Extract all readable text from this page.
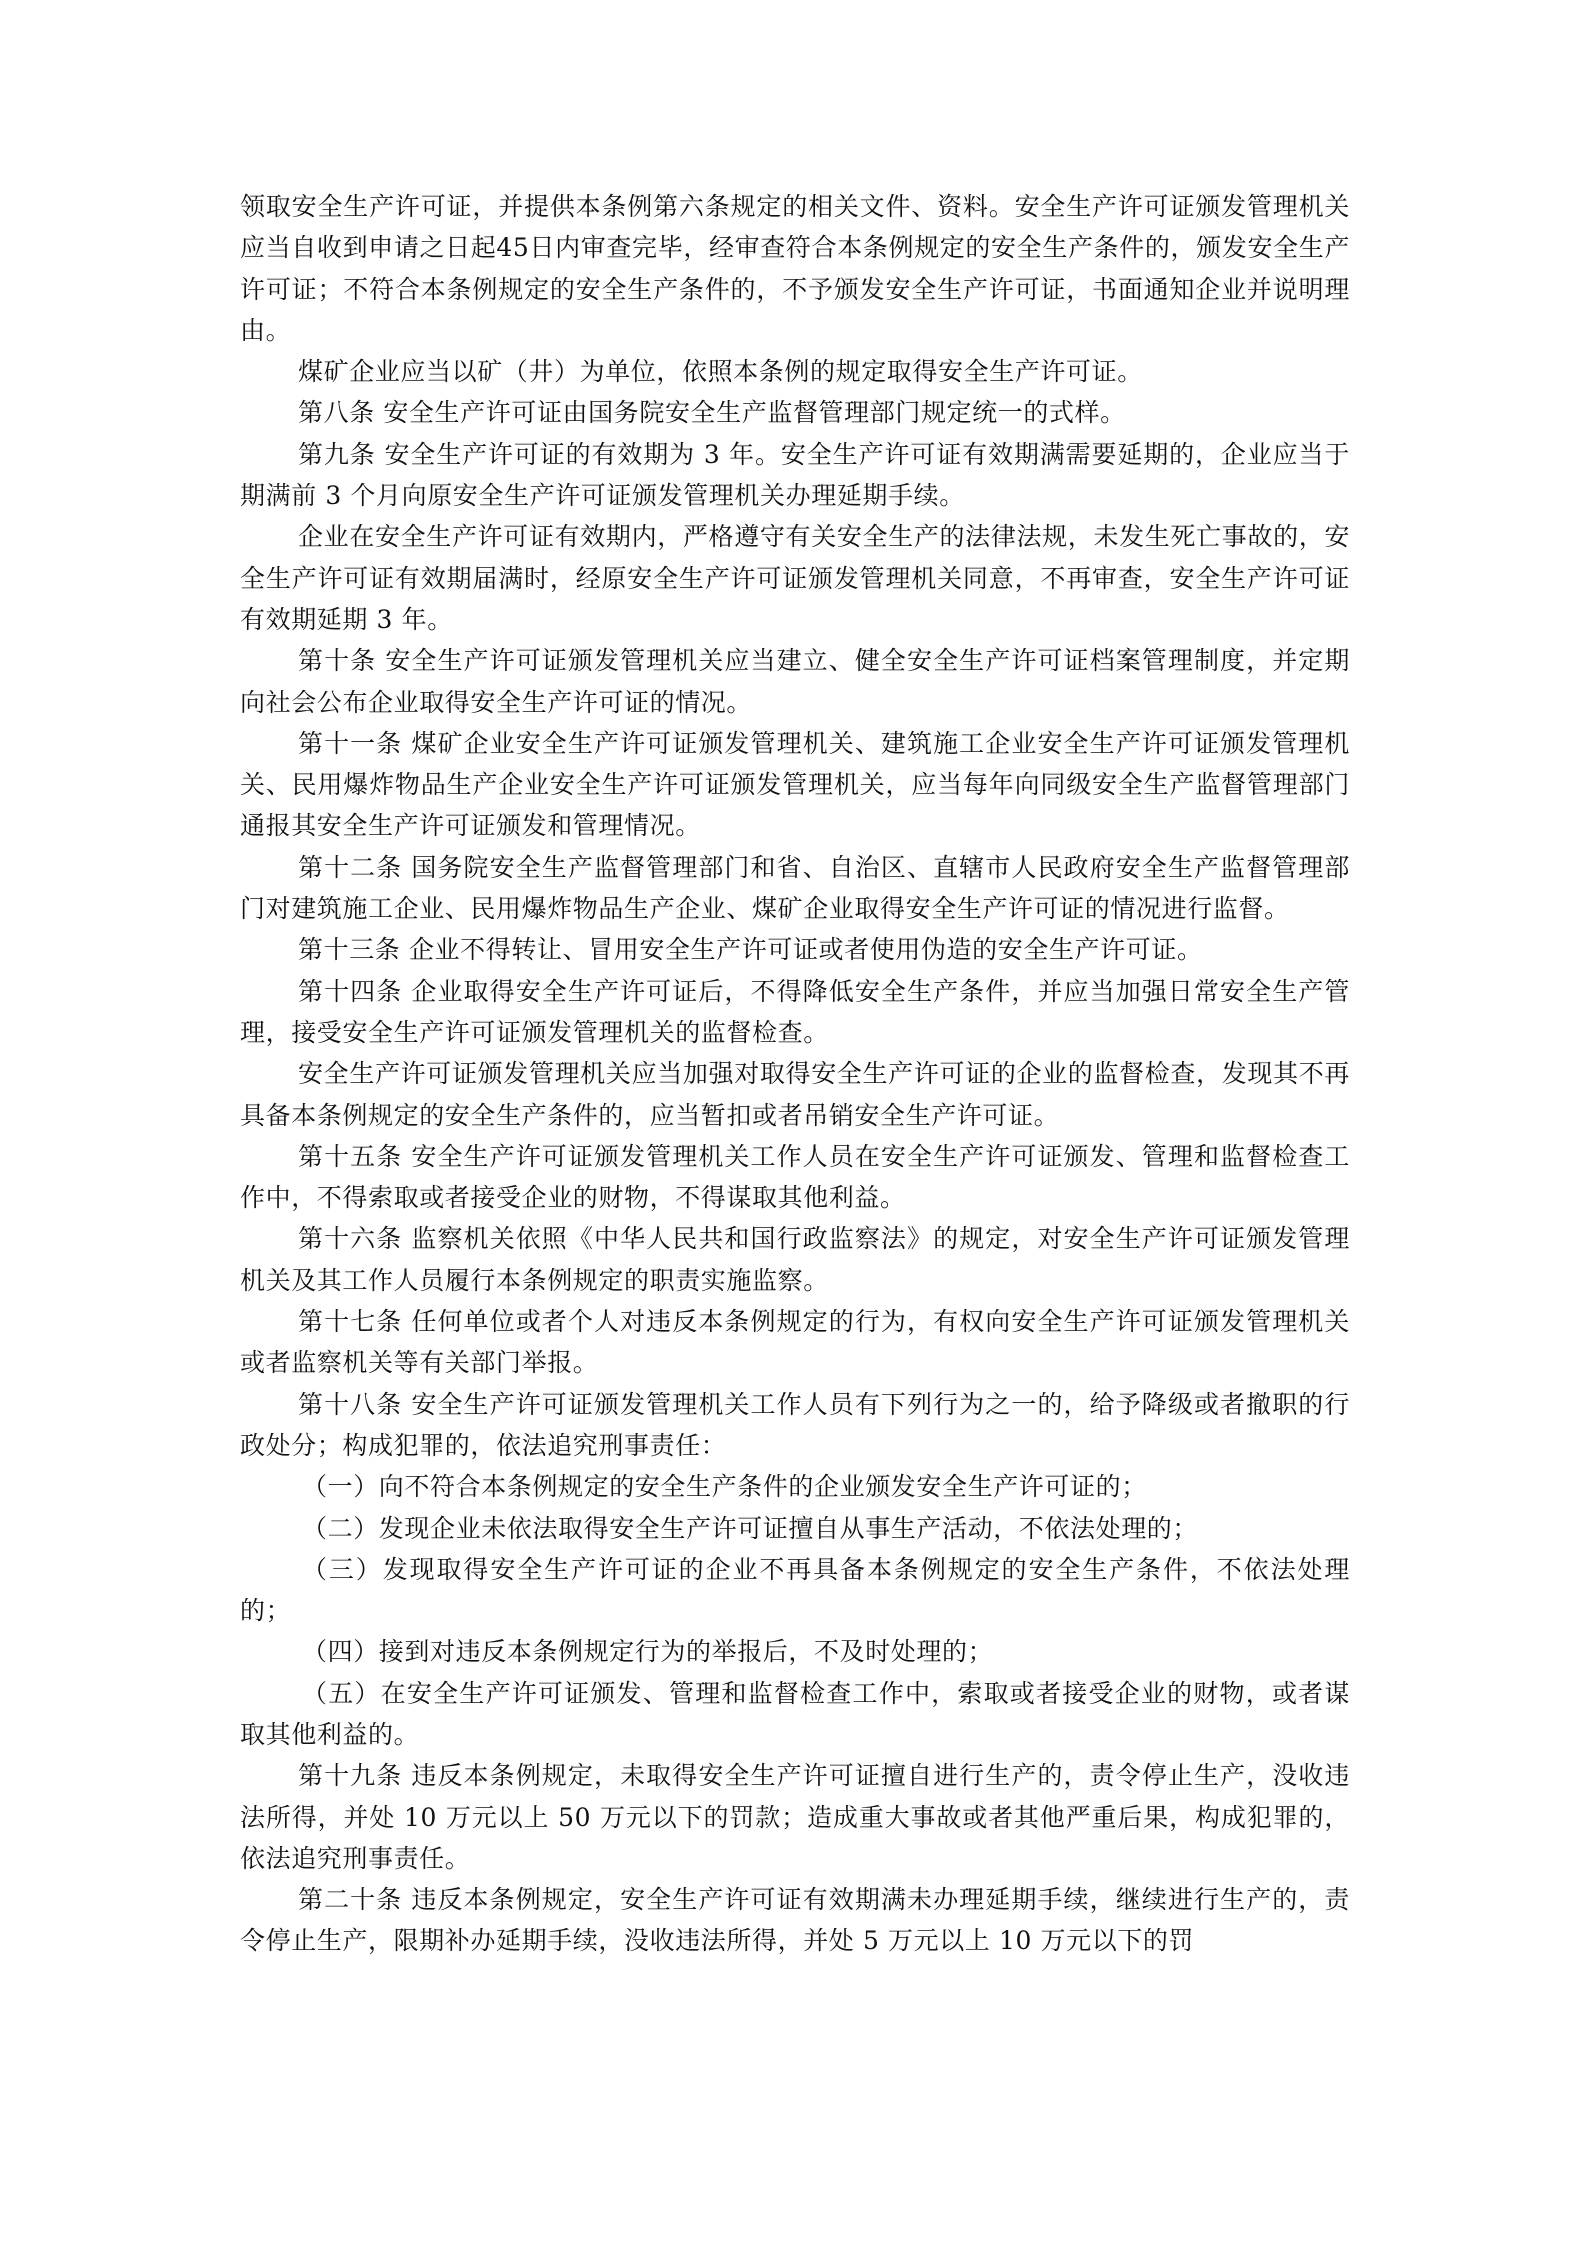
领取安全生产许可证，并提供本条例第六条规定的相关文件、资料。安全生产许可证颁发管理机关应当自收到申请之日起45日内审查完毕，经审查符合本条例规定的安全生产条件的，颁发安全生产许可证；不符合本条例规定的安全生产条件的，不予颁发安全生产许可证，书面通知企业并说明理由。

煤矿企业应当以矿（井）为单位，依照本条例的规定取得安全生产许可证。

第八条 安全生产许可证由国务院安全生产监督管理部门规定统一的式样。

第九条 安全生产许可证的有效期为 3 年。安全生产许可证有效期满需要延期的，企业应当于期满前 3 个月向原安全生产许可证颁发管理机关办理延期手续。

企业在安全生产许可证有效期内，严格遵守有关安全生产的法律法规，未发生死亡事故的，安全生产许可证有效期届满时，经原安全生产许可证颁发管理机关同意，不再审查，安全生产许可证有效期延期 3 年。

第十条 安全生产许可证颁发管理机关应当建立、健全安全生产许可证档案管理制度，并定期向社会公布企业取得安全生产许可证的情况。

第十一条 煤矿企业安全生产许可证颁发管理机关、建筑施工企业安全生产许可证颁发管理机关、民用爆炸物品生产企业安全生产许可证颁发管理机关，应当每年向同级安全生产监督管理部门通报其安全生产许可证颁发和管理情况。

第十二条 国务院安全生产监督管理部门和省、自治区、直辖市人民政府安全生产监督管理部门对建筑施工企业、民用爆炸物品生产企业、煤矿企业取得安全生产许可证的情况进行监督。

第十三条 企业不得转让、冒用安全生产许可证或者使用伪造的安全生产许可证。

第十四条 企业取得安全生产许可证后，不得降低安全生产条件，并应当加强日常安全生产管理，接受安全生产许可证颁发管理机关的监督检查。

安全生产许可证颁发管理机关应当加强对取得安全生产许可证的企业的监督检查，发现其不再具备本条例规定的安全生产条件的，应当暂扣或者吊销安全生产许可证。

第十五条 安全生产许可证颁发管理机关工作人员在安全生产许可证颁发、管理和监督检查工作中，不得索取或者接受企业的财物，不得谋取其他利益。

第十六条 监察机关依照《中华人民共和国行政监察法》的规定，对安全生产许可证颁发管理机关及其工作人员履行本条例规定的职责实施监察。

第十七条 任何单位或者个人对违反本条例规定的行为，有权向安全生产许可证颁发管理机关或者监察机关等有关部门举报。

第十八条 安全生产许可证颁发管理机关工作人员有下列行为之一的，给予降级或者撤职的行政处分；构成犯罪的，依法追究刑事责任：

（一）向不符合本条例规定的安全生产条件的企业颁发安全生产许可证的；

（二）发现企业未依法取得安全生产许可证擅自从事生产活动，不依法处理的；

（三）发现取得安全生产许可证的企业不再具备本条例规定的安全生产条件，不依法处理的；

（四）接到对违反本条例规定行为的举报后，不及时处理的；

（五）在安全生产许可证颁发、管理和监督检查工作中，索取或者接受企业的财物，或者谋取其他利益的。

第十九条 违反本条例规定，未取得安全生产许可证擅自进行生产的，责令停止生产，没收违法所得，并处 10 万元以上 50 万元以下的罚款；造成重大事故或者其他严重后果，构成犯罪的，依法追究刑事责任。

第二十条 违反本条例规定，安全生产许可证有效期满未办理延期手续，继续进行生产的，责令停止生产，限期补办延期手续，没收违法所得，并处 5 万元以上 10 万元以下的罚
